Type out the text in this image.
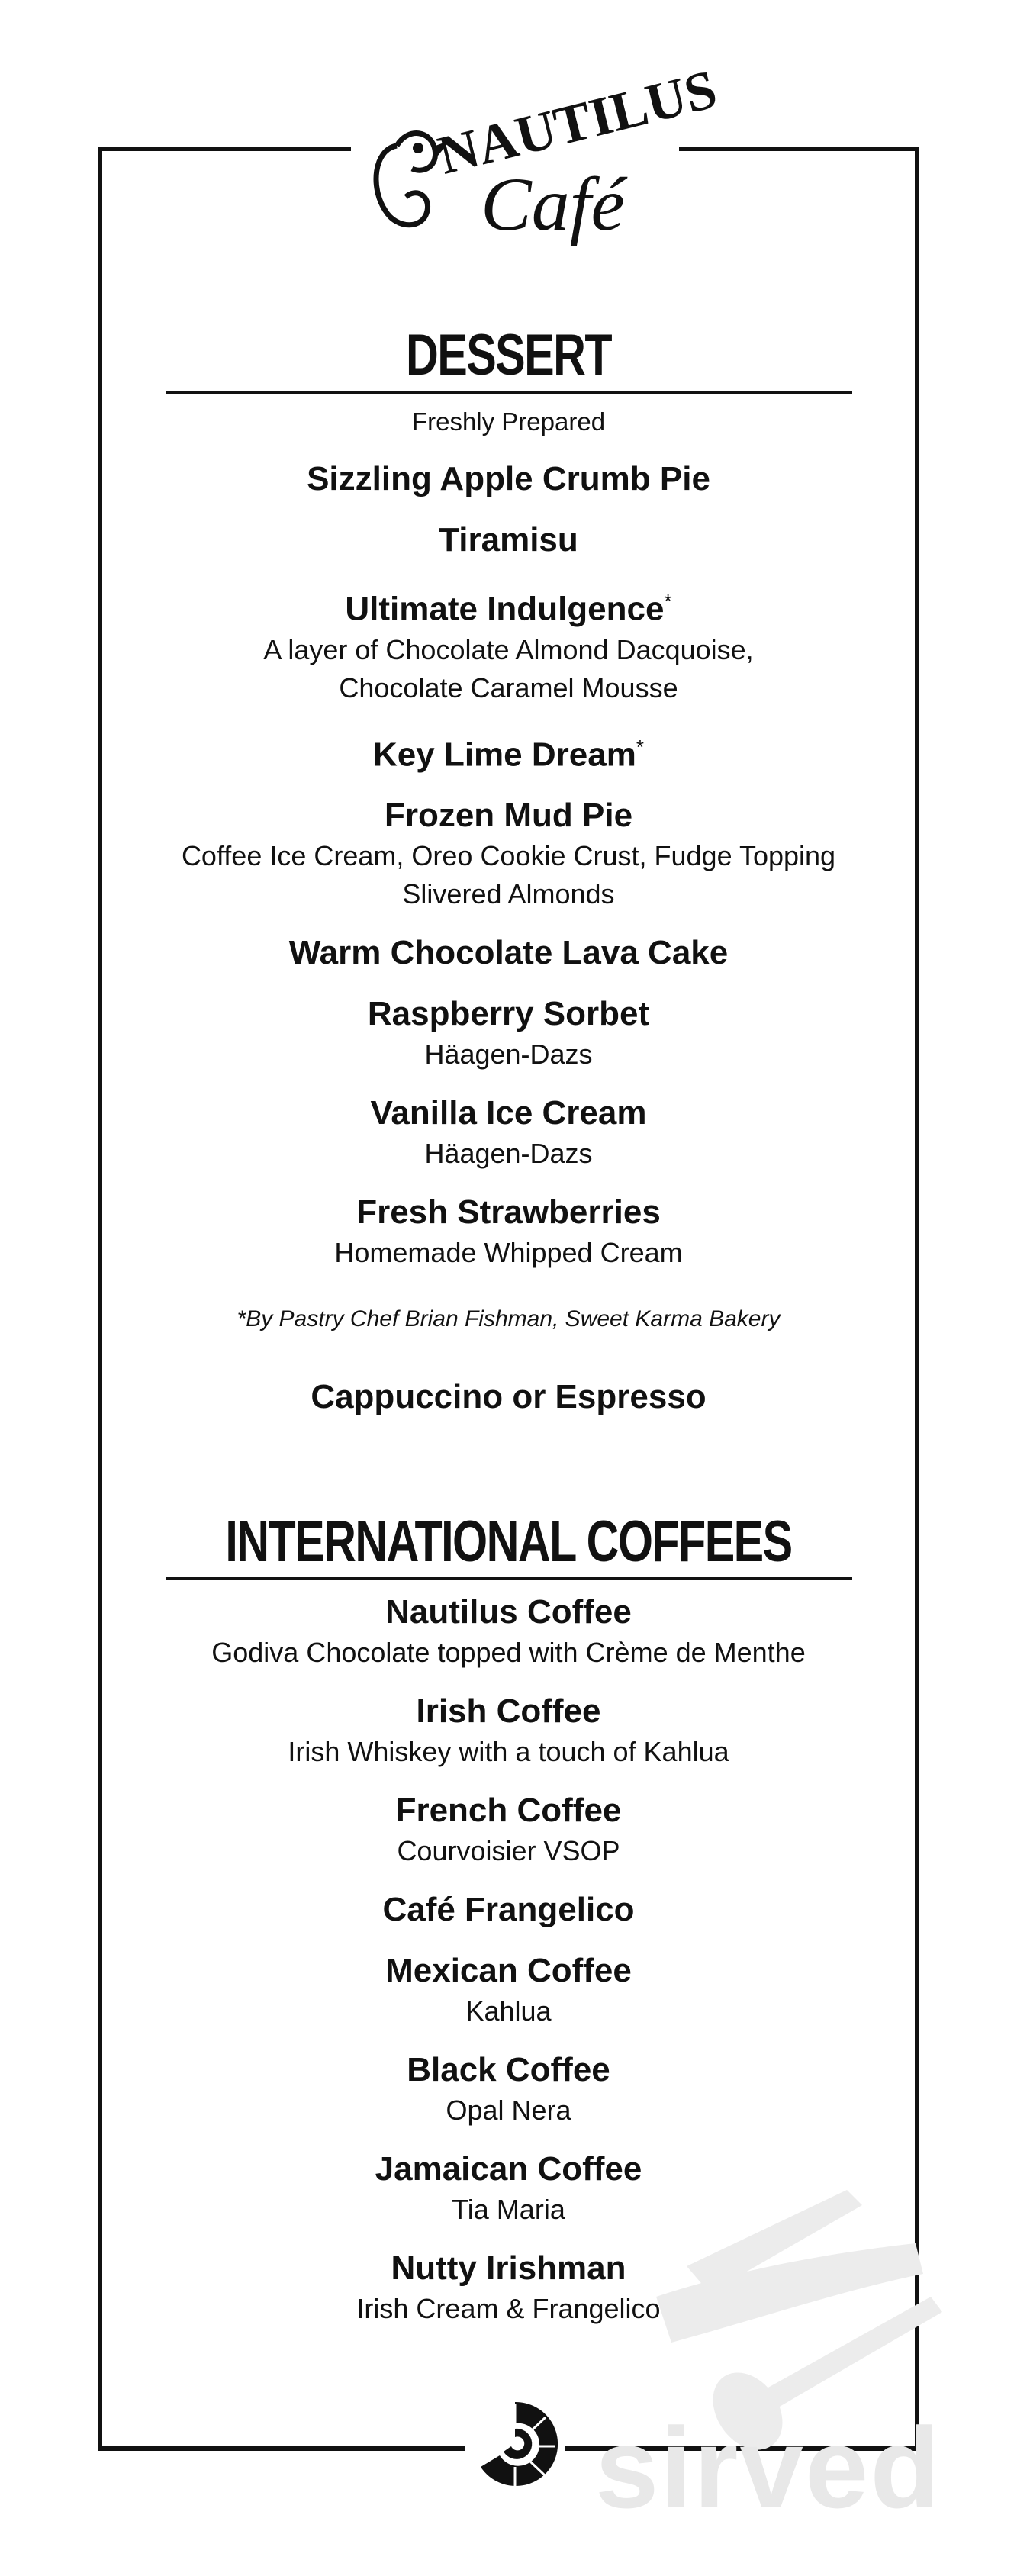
NAUTILUS
Café
DESSERT
Freshly Prepared
Sizzling Apple Crumb Pie
Tiramisu
Ultimate Indulgence*
A layer of Chocolate Almond Dacquoise,
Chocolate Caramel Mousse
Key Lime Dream*
Frozen Mud Pie
Coffee Ice Cream, Oreo Cookie Crust, Fudge Topping
Slivered Almonds
Warm Chocolate Lava Cake
Raspberry Sorbet
Häagen-Dazs
Vanilla Ice Cream
Häagen-Dazs
Fresh Strawberries
Homemade Whipped Cream
*By Pastry Chef Brian Fishman, Sweet Karma Bakery
Cappuccino or Espresso
INTERNATIONAL COFFEES
Nautilus Coffee
Godiva Chocolate topped with Crème de Menthe
Irish Coffee
Irish Whiskey with a touch of Kahlua
French Coffee
Courvoisier VSOP
Café Frangelico
Mexican Coffee
Kahlua
Black Coffee
Opal Nera
Jamaican Coffee
Tia Maria
Nutty Irishman
Irish Cream & Frangelico
sirved
